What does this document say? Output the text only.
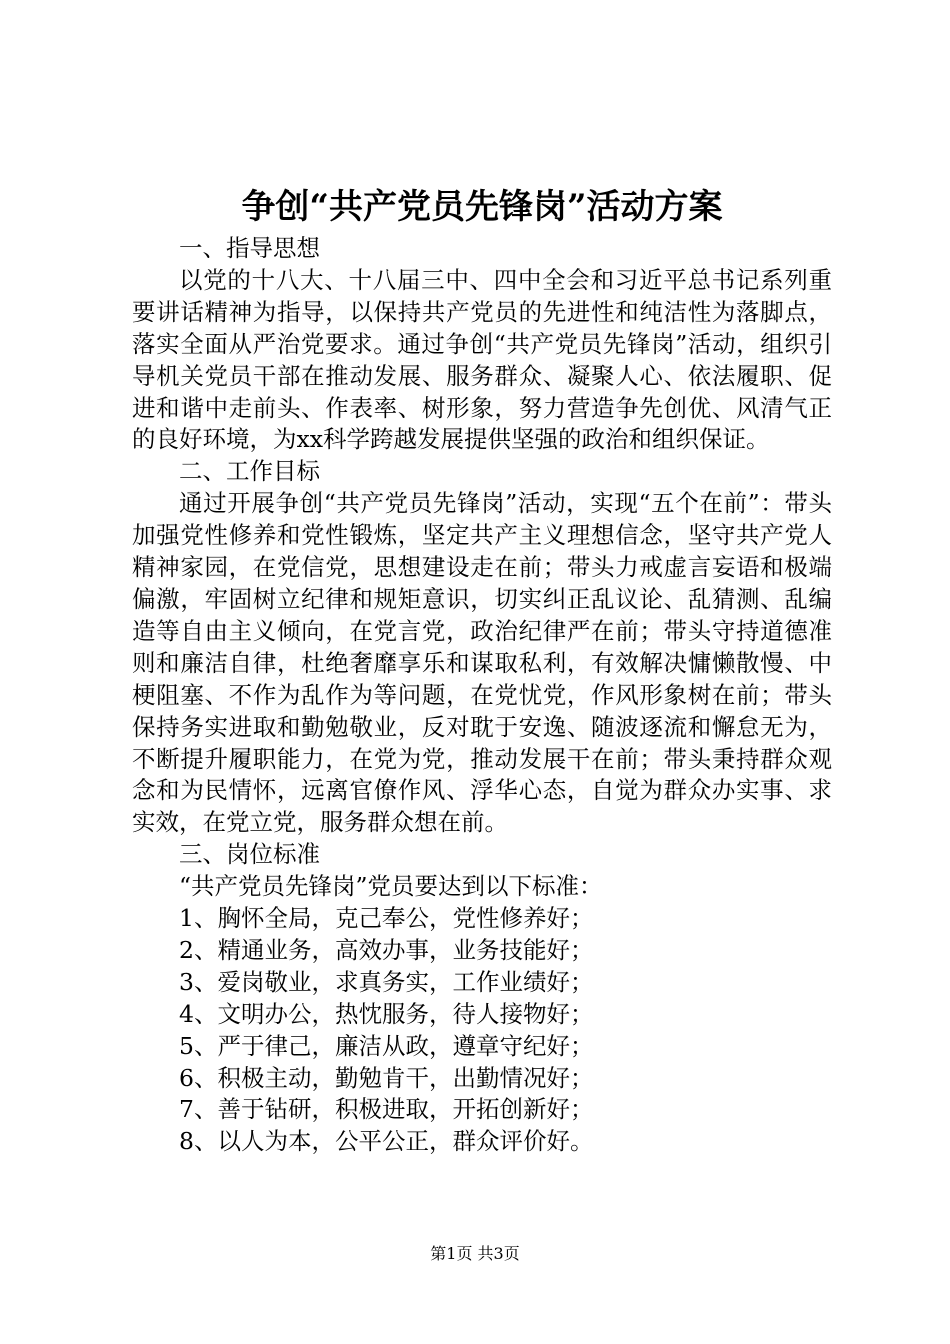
争创“共产党员先锋岗”活动方案

一、指导思想

以党的十八大、十八届三中、四中全会和习近平总书记系列重要讲话精神为指导，以保持共产党员的先进性和纯洁性为落脚点，落实全面从严治党要求。通过争创“共产党员先锋岗”活动，组织引导机关党员干部在推动发展、服务群众、凝聚人心、依法履职、促进和谐中走前头、作表率、树形象，努力营造争先创优、风清气正的良好环境，为xx科学跨越发展提供坚强的政治和组织保证。

二、工作目标

通过开展争创“共产党员先锋岗”活动，实现“五个在前”：带头加强党性修养和党性锻炼，坚定共产主义理想信念，坚守共产党人精神家园，在党信党，思想建设走在前；带头力戒虚言妄语和极端偏激，牢固树立纪律和规矩意识，切实纠正乱议论、乱猜测、乱编造等自由主义倾向，在党言党，政治纪律严在前；带头守持道德准则和廉洁自律，杜绝奢靡享乐和谋取私利，有效解决慵懒散慢、中梗阻塞、不作为乱作为等问题，在党忧党，作风形象树在前；带头保持务实进取和勤勉敬业，反对耽于安逸、随波逐流和懈怠无为，不断提升履职能力，在党为党，推动发展干在前；带头秉持群众观念和为民情怀，远离官僚作风、浮华心态，自觉为群众办实事、求实效，在党立党，服务群众想在前。

三、岗位标准

“共产党员先锋岗”党员要达到以下标准：

1、胸怀全局，克己奉公，党性修养好；

2、精通业务，高效办事，业务技能好；

3、爱岗敬业，求真务实，工作业绩好；

4、文明办公，热忱服务，待人接物好；

5、严于律己，廉洁从政，遵章守纪好；

6、积极主动，勤勉肯干，出勤情况好；

7、善于钻研，积极进取，开拓创新好；

8、以人为本，公平公正，群众评价好。

第1页 共3页
